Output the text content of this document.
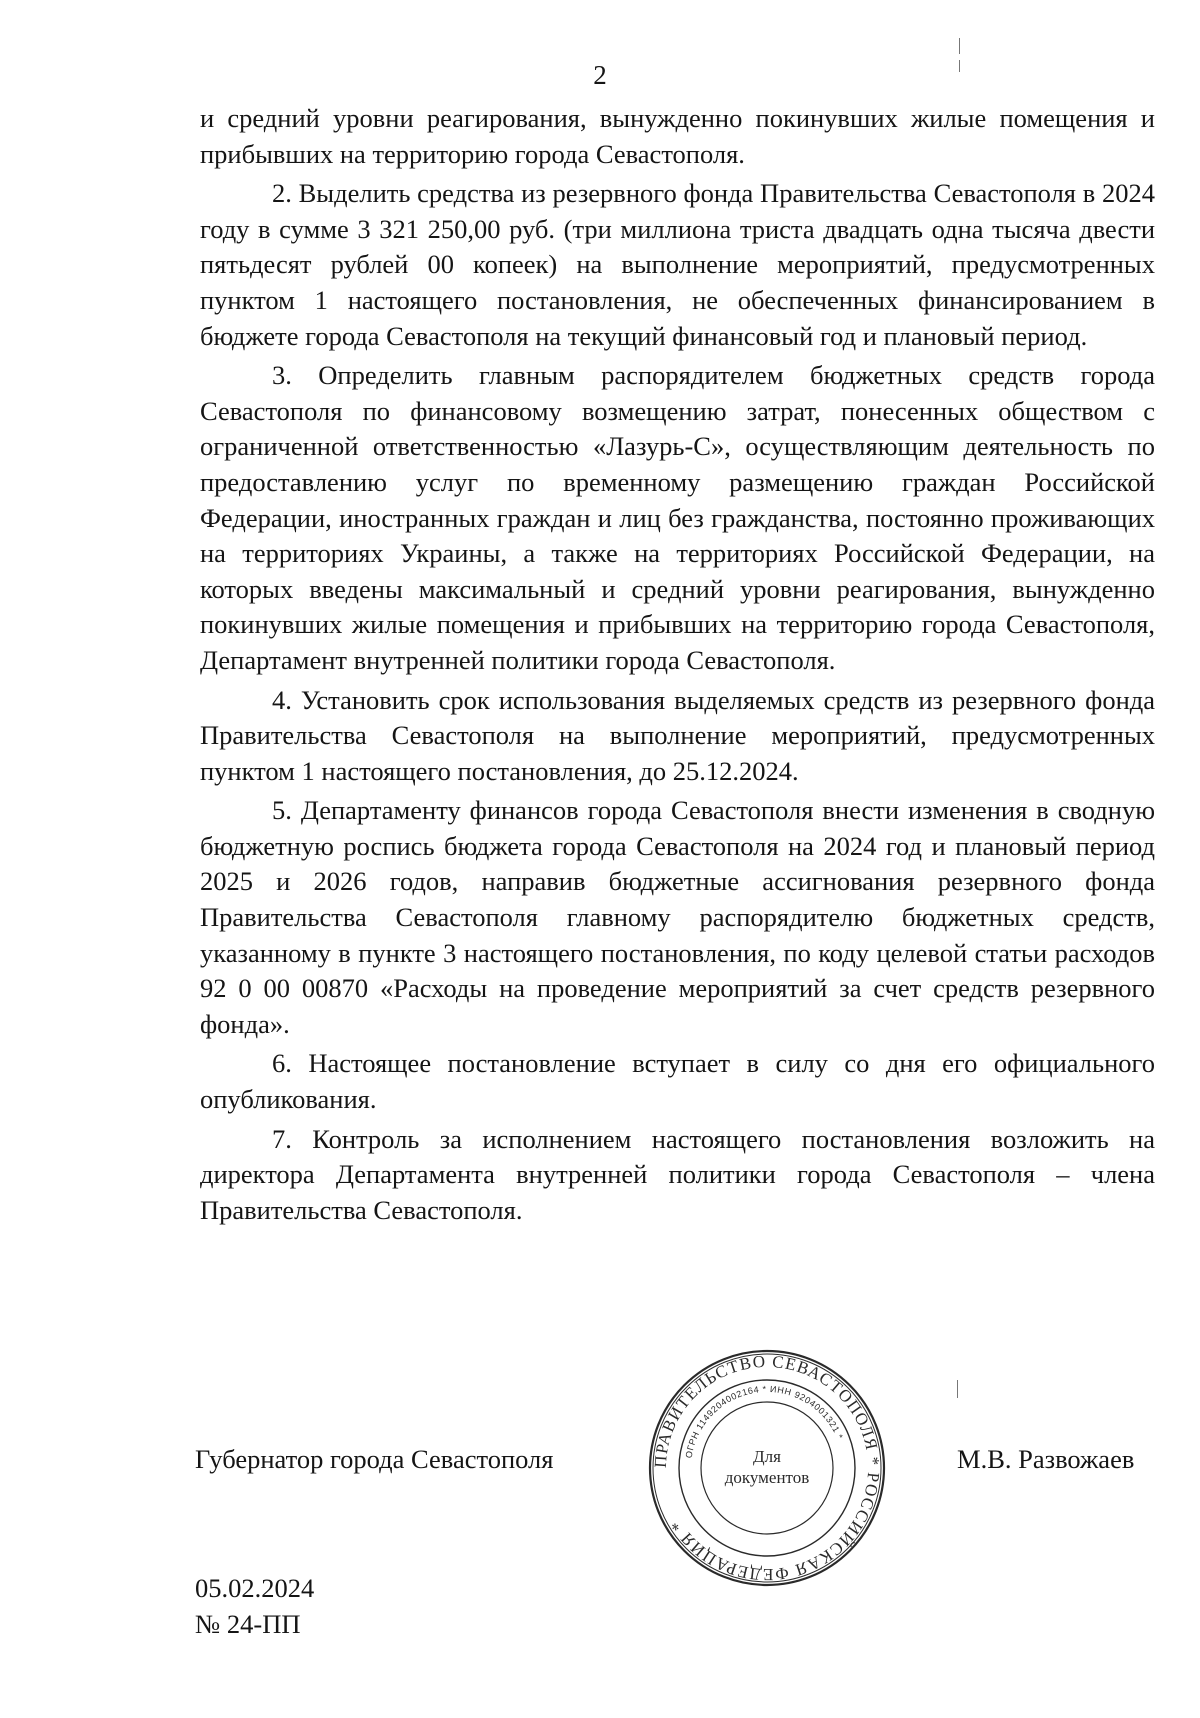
2

и средний уровни реагирования, вынужденно покинувших жилые помещения и прибывших на территорию города Севастополя.

2. Выделить средства из резервного фонда Правительства Севастополя в 2024 году в сумме 3 321 250,00 руб. (три миллиона триста двадцать одна тысяча двести пятьдесят рублей 00 копеек) на выполнение мероприятий, предусмотренных пунктом 1 настоящего постановления, не обеспеченных финансированием в бюджете города Севастополя на текущий финансовый год и плановый период.

3. Определить главным распорядителем бюджетных средств города Севастополя по финансовому возмещению затрат, понесенных обществом с ограниченной ответственностью «Лазурь-С», осуществляющим деятельность по предоставлению услуг по временному размещению граждан Российской Федерации, иностранных граждан и лиц без гражданства, постоянно проживающих на территориях Украины, а также на территориях Российской Федерации, на которых введены максимальный и средний уровни реагирования, вынужденно покинувших жилые помещения и прибывших на территорию города Севастополя, Департамент внутренней политики города Севастополя.

4. Установить срок использования выделяемых средств из резервного фонда Правительства Севастополя на выполнение мероприятий, предусмотренных пунктом 1 настоящего постановления, до 25.12.2024.

5. Департаменту финансов города Севастополя внести изменения в сводную бюджетную роспись бюджета города Севастополя на 2024 год и плановый период 2025 и 2026 годов, направив бюджетные ассигнования резервного фонда Правительства Севастополя главному распорядителю бюджетных средств, указанному в пункте 3 настоящего постановления, по коду целевой статьи расходов 92 0 00 00870 «Расходы на проведение мероприятий за счет средств резервного фонда».

6. Настоящее постановление вступает в силу со дня его официального опубликования.

7. Контроль за исполнением настоящего постановления возложить на директора Департамента внутренней политики города Севастополя – члена Правительства Севастополя.

Губернатор города Севастополя	М.В. Развожаев
ПРАВИТЕЛЬСТВО СЕВАСТОПОЛЯ * РОССИЙСКАЯ ФЕДЕРАЦИЯ *
ОГРН 1149204002164 * ИНН 9204001321 *
Для
документов
05.02.2024
№ 24-ПП
